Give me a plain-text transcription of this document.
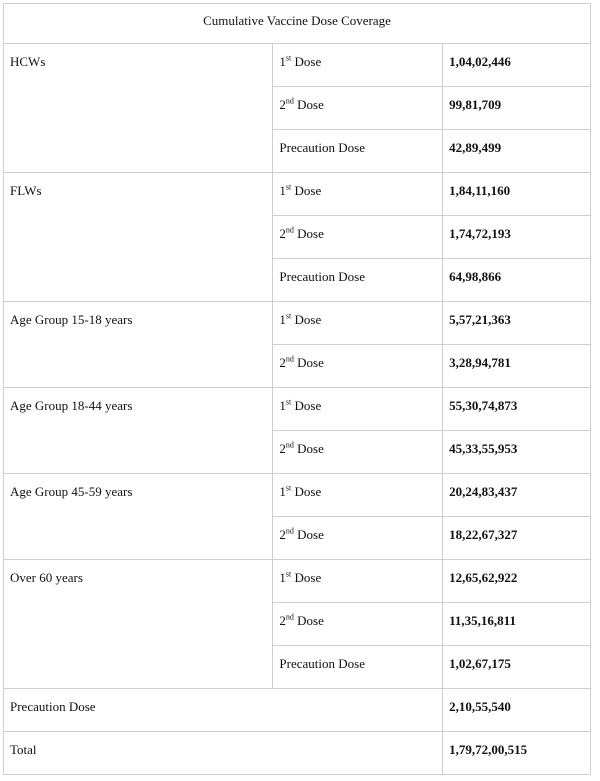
Cumulative Vaccine Dose Coverage		
HCWs	1st Dose	1,04,02,446
	2nd Dose	99,81,709
	Precaution Dose	42,89,499
FLWs	1st Dose	1,84,11,160
	2nd Dose	1,74,72,193
	Precaution Dose	64,98,866
Age Group 15-18 years	1st Dose	5,57,21,363
	2nd Dose	3,28,94,781
Age Group 18-44 years	1st Dose	55,30,74,873
	2nd Dose	45,33,55,953
Age Group 45-59 years	1st Dose	20,24,83,437
	2nd Dose	18,22,67,327
Over 60 years	1st Dose	12,65,62,922
	2nd Dose	11,35,16,811
	Precaution Dose	1,02,67,175
Precaution Dose		2,10,55,540
Total		1,79,72,00,515
